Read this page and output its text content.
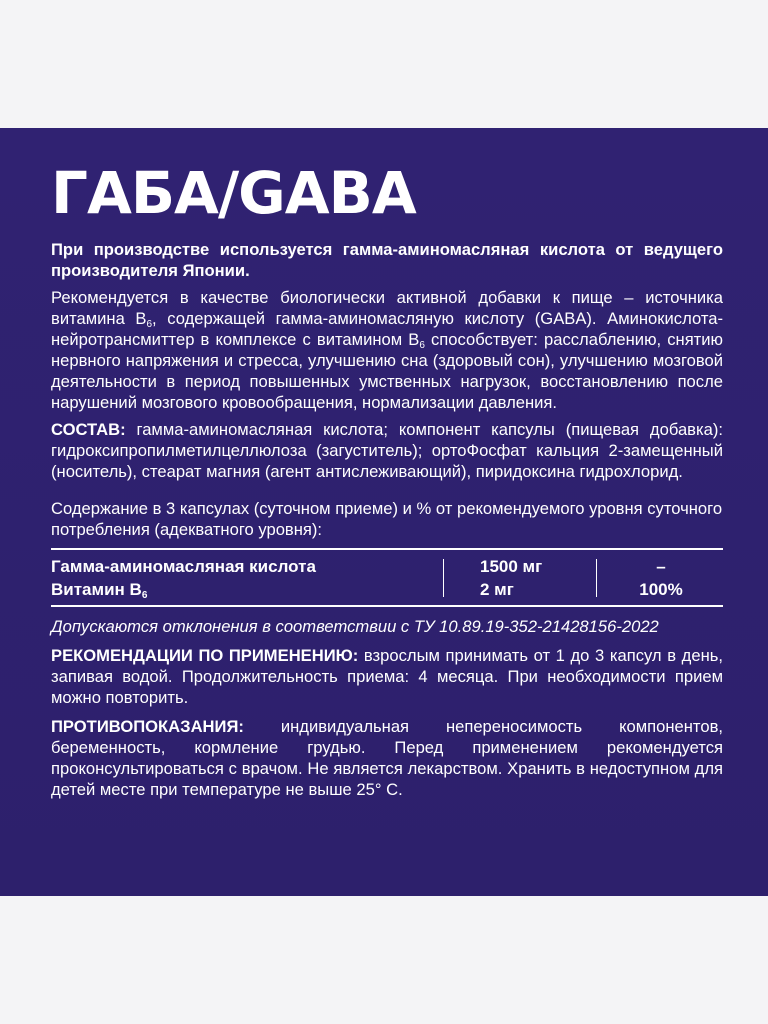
ГАБА/GABA

При производстве используется гамма-аминомасляная кислота от ведущего производителя Японии.

Рекомендуется в качестве биологически активной добавки к пище – источника витамина $B_6$, содержащей гамма-аминомасляную кислоту (GABA). Аминокислота-нейротрансмиттер в комплексе с витамином $B_6$ способствует: расслаблению, снятию нервного напряжения и стресса, улучшению сна (здоровый сон), улучшению мозговой деятельности в период повышенных умственных нагрузок, восстановлению после нарушений мозгового кровообращения, нормализации давления.

СОСТАВ: гамма-аминомасляная кислота; компонент капсулы (пищевая добавка): гидроксипропилметилцеллюлоза (загуститель); ортоФосфат кальция 2-замещенный (носитель), стеарат магния (агент антислеживающий), пиридоксина гидрохлорид.

Содержание в 3 капсулах (суточном приеме) и % от рекомендуемого уровня суточного потребления (адекватного уровня):

Гамма-аминомасляная кислота	1500 мг	–
Витамин $B_6$	2 мг	100%

Допускаются отклонения в соответствии с ТУ 10.89.19-352-21428156-2022

РЕКОМЕНДАЦИИ ПО ПРИМЕНЕНИЮ: взрослым принимать от 1 до 3 капсул в день, запивая водой. Продолжительность приема: 4 месяца. При необходимости прием можно повторить.

ПРОТИВОПОКАЗАНИЯ: индивидуальная непереносимость компонентов, беременность, кормление грудью. Перед применением рекомендуется проконсультироваться с врачом. Не является лекарством. Хранить в недоступном для детей месте при температуре не выше 25° С.
